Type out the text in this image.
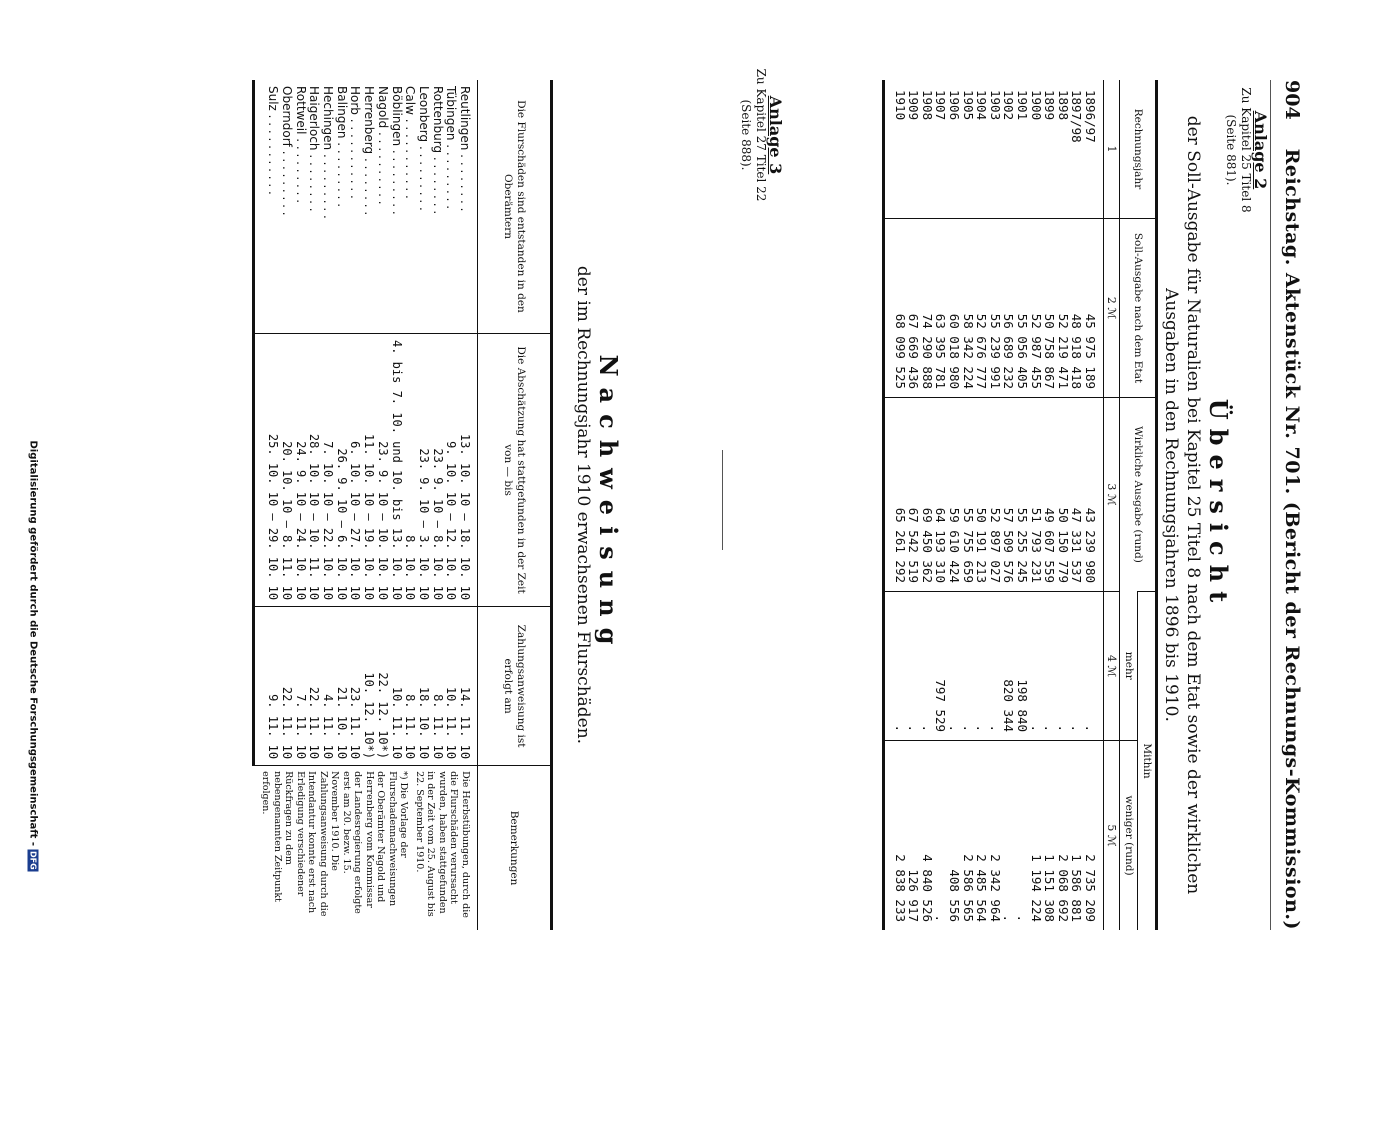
Digitalisierung gefördert durch die Deutsche Forschungsgemeinschaft -DFG
904
Reichstag. Aktenstück Nr. 701. (Bericht der Rechnungs-Kommission.)
Anlage 2
Zu Kapitel 25 Titel 8
(Seite 881).
Übersicht
der Soll-Ausgabe für Naturalien bei Kapitel 25 Titel 8 nach dem Etat sowie der wirklichen
Ausgaben in den Rechnungsjahren 1896 bis 1910.
Rechnungsjahr	Soll-Ausgabe nach dem Etat	Wirkliche Ausgabe (rund)	Mithin	
			mehr	weniger (rund)
1	2 ℳ	3 ℳ	4 ℳ	5 ℳ
1896/97	45 975 189	43 239 980	.	2 735 209
1897/98	48 918 418	47 331 537	.	1 586 881
1898	52 219 471	50 150 779	.	2 068 692
1899	50 758 867	49 607 559	.	1 151 308
1900	52 987 455	51 793 231	.	1 194 224
1901	55 056 405	55 255 245	198 840	.
1902	56 689 232	57 509 576	820 344	.
1903	55 239 991	52 897 027	.	2 342 964
1904	52 676 777	50 191 213	.	2 485 564
1905	58 342 224	55 755 659	.	2 586 565
1906	60 018 980	59 610 424	.	408 556
1907	63 395 781	64 193 310	797 529	.
1908	74 290 888	69 450 362	.	4 840 526
1909	67 669 436	67 542 519	.	126 917
1910	68 099 525	65 261 292	.	2 838 233
Anlage 3
Zu Kapitel 27 Titel 22
(Seite 888).
Nachweisung
der im Rechnungsjahr 1910 erwachsenen Flurschäden.
Die Flurschäden sind entstanden in den Oberämtern	Die Abschätzung hat stattgefunden in der Zeit von — bis	Zahlungsanweisung ist erfolgt am	Bemerkungen
Reutlingen . . . . . . . .	13. 10. 10 — 18. 10. 10	14. 11. 10	Die Herbstübungen, durch die die Flurschäden verursacht wurden, haben stattgefunden in der Zeit vom 25. August bis 22. September 1910.
*) Die Vorlage der Flurschadennachweisungen der Oberämter Nagold und Herrenberg vom Kommissar der Landesregierung erfolgte erst am 20. bezw. 15. November 1910. Die Zahlungsanweisung durch die Intendantur konnte erst nach Erledigung verschiedener Rückfragen zu dem nebengenannten Zeitpunkt erfolgen.

Tübingen . . . . . . . . .	9. 10. 10 — 12. 10. 10	10. 11. 10	
Rottenburg . . . . . . . .	23. 9. 10 — 8. 10. 10	8. 11. 10	
Leonberg . . . . . . . . .	23. 9. 10 — 3. 10. 10	18. 10. 10	
Calw . . . . . . . . . . .	8. 10. 10	8. 11. 10	
Böblingen . . . . . . . . .	4. bis 7. 10. und 10. bis 13. 10. 10	10. 11. 10	
Nagold . . . . . . . . . .	23. 9. 10 — 10. 10. 10	22. 12. 10*)	
Herrenberg . . . . . . . .	11. 10. 10 — 19. 10. 10	10. 12. 10*)	
Horb . . . . . . . . . . .	6. 10. 10 — 27. 10. 10	23. 11. 10	
Balingen . . . . . . . . .	26. 9. 10 — 6. 10. 10	21. 10. 10	
Hechingen . . . . . . . . .	7. 10. 10 — 22. 10. 10	4. 11. 10	
Haigerloch . . . . . . . .	28. 10. 10 — 10. 11. 10	22. 11. 10	
Rottweil . . . . . . . . .	24. 9. 10 — 24. 10. 10	7. 11. 10	
Oberndorf . . . . . . . . .	20. 10. 10 — 8. 11. 10	22. 11. 10	
Sulz . . . . . . . . . . .	25. 10. 10 — 29. 10. 10	9. 11. 10	
